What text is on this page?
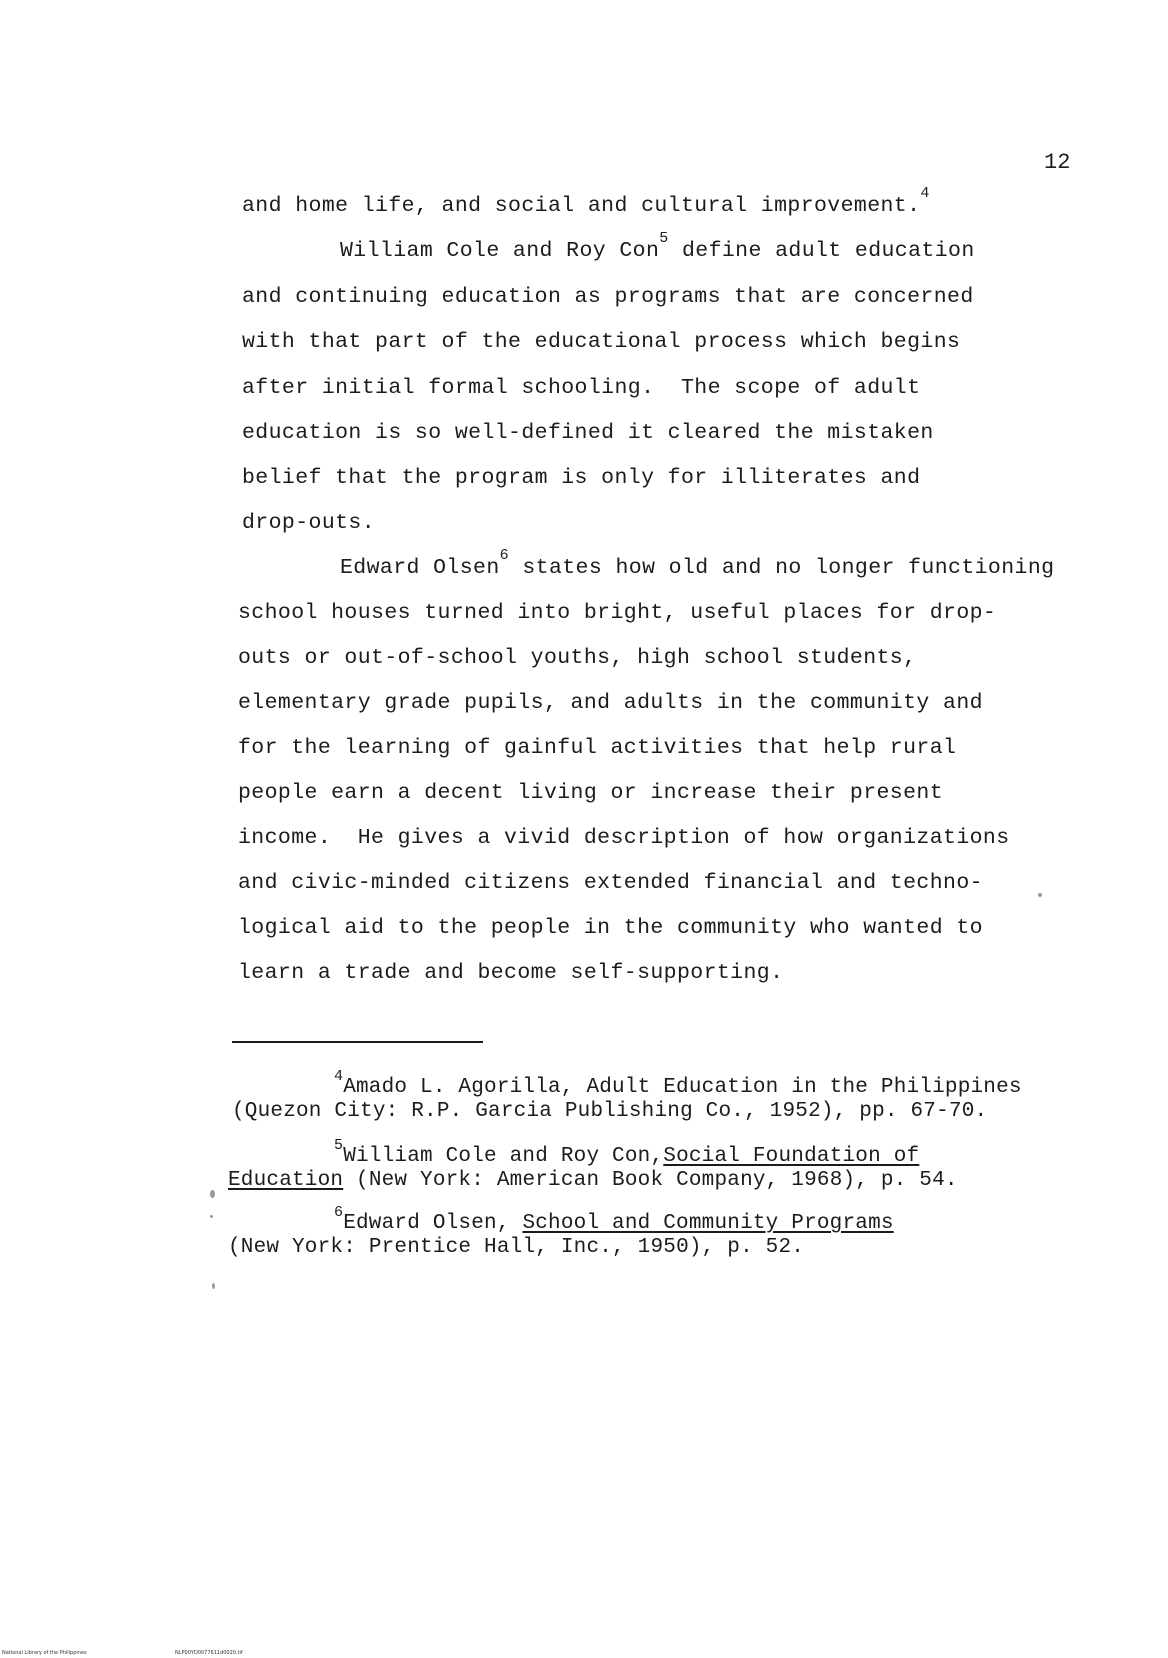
12
and home life, and social and cultural improvement.$^4$
William Cole and Roy Con$^5$ define adult education
and continuing education as programs that are concerned
with that part of the educational process which begins
after initial formal schooling.  The scope of adult
education is so well-defined it cleared the mistaken
belief that the program is only for illiterates and
drop-outs.
Edward Olsen$^6$ states how old and no longer functioning
school houses turned into bright, useful places for drop-
outs or out-of-school youths, high school students,
elementary grade pupils, and adults in the community and
for the learning of gainful activities that help rural
people earn a decent living or increase their present
income.  He gives a vivid description of how organizations
and civic-minded citizens extended financial and techno-
logical aid to the people in the community who wanted to
learn a trade and become self-supporting.
$^4$Amado L. Agorilla, Adult Education in the Philippines
(Quezon City: R.P. Garcia Publishing Co., 1952), pp. 67-70.
$^5$William Cole and Roy Con,Social Foundation of
Education (New York: American Book Company, 1968), p. 54.
$^6$Edward Olsen, School and Community Programs
(New York: Prentice Hall, Inc., 1950), p. 52.
National Library of the Philippines	NLP00YD0077611d0020.tif
